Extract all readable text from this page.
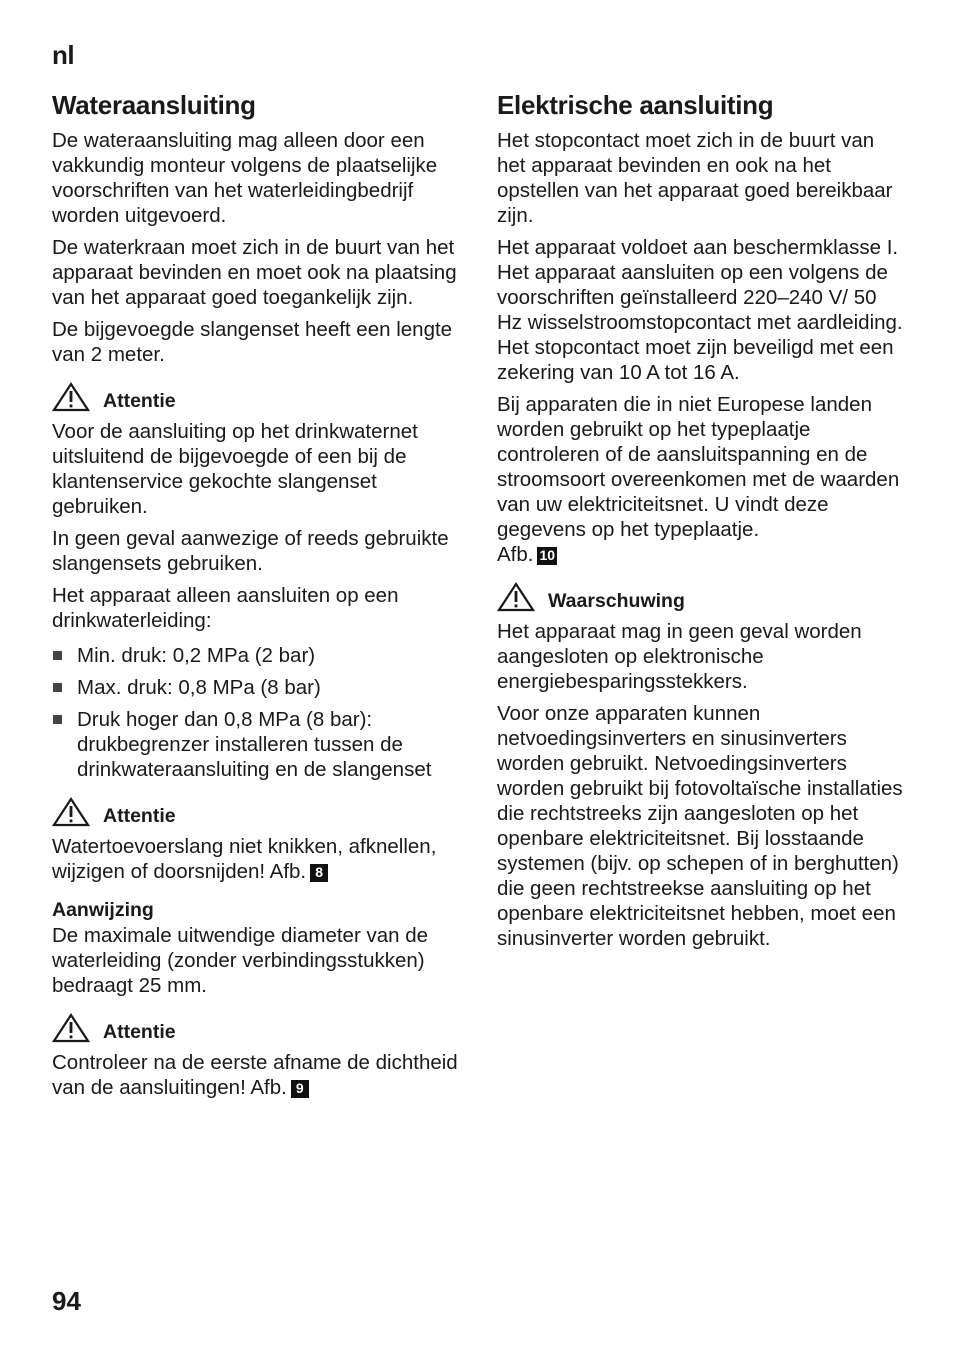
nl
Wateraansluiting

De wateraansluiting mag alleen door een vakkundig monteur volgens de plaatselijke voorschriften van het waterleidingbedrijf worden uitgevoerd.

De waterkraan moet zich in de buurt van het apparaat bevinden en moet ook na plaatsing van het apparaat goed toegankelijk zijn.

De bijgevoegde slangenset heeft een lengte van 2 meter.

Attentie

Voor de aansluiting op het drinkwaternet uitsluitend de bijgevoegde of een bij de klantenservice gekochte slangenset gebruiken.

In geen geval aanwezige of reeds gebruikte slangensets gebruiken.

Het apparaat alleen aansluiten op een drinkwaterleiding:

Min. druk: 0,2 MPa (2 bar)
Max. druk: 0,8 MPa (8 bar)
Druk hoger dan 0,8 MPa (8 bar): drukbegrenzer installeren tussen de drinkwateraansluiting en de slangenset
Attentie

Watertoevoerslang niet knikken, afknellen, wijzigen of doorsnijden! Afb. 8

Aanwijzing

De maximale uitwendige diameter van de waterleiding (zonder verbindingsstukken) bedraagt 25 mm.

Attentie

Controleer na de eerste afname de dichtheid van de aansluitingen! Afb. 9

Elektrische aansluiting

Het stopcontact moet zich in de buurt van het apparaat bevinden en ook na het opstellen van het apparaat goed bereikbaar zijn.

Het apparaat voldoet aan beschermklasse I. Het apparaat aansluiten op een volgens de voorschriften geïnstalleerd 220–240 V/ 50 Hz wisselstroomstopcontact met aardleiding. Het stopcontact moet zijn beveiligd met een zekering van 10 A tot 16 A.

Bij apparaten die in niet Europese landen worden gebruikt op het typeplaatje controleren of de aansluitspanning en de stroomsoort overeenkomen met de waarden van uw elektriciteitsnet. U vindt deze gegevens op het typeplaatje.
Afb. 10

Waarschuwing

Het apparaat mag in geen geval worden aangesloten op elektronische energiebesparingsstekkers.

Voor onze apparaten kunnen netvoedingsinverters en sinusinverters worden gebruikt. Netvoedingsinverters worden gebruikt bij fotovoltaïsche installaties die rechtstreeks zijn aangesloten op het openbare elektriciteitsnet. Bij losstaande systemen (bijv. op schepen of in berghutten) die geen rechtstreekse aansluiting op het openbare elektriciteitsnet hebben, moet een sinusinverter worden gebruikt.

94
